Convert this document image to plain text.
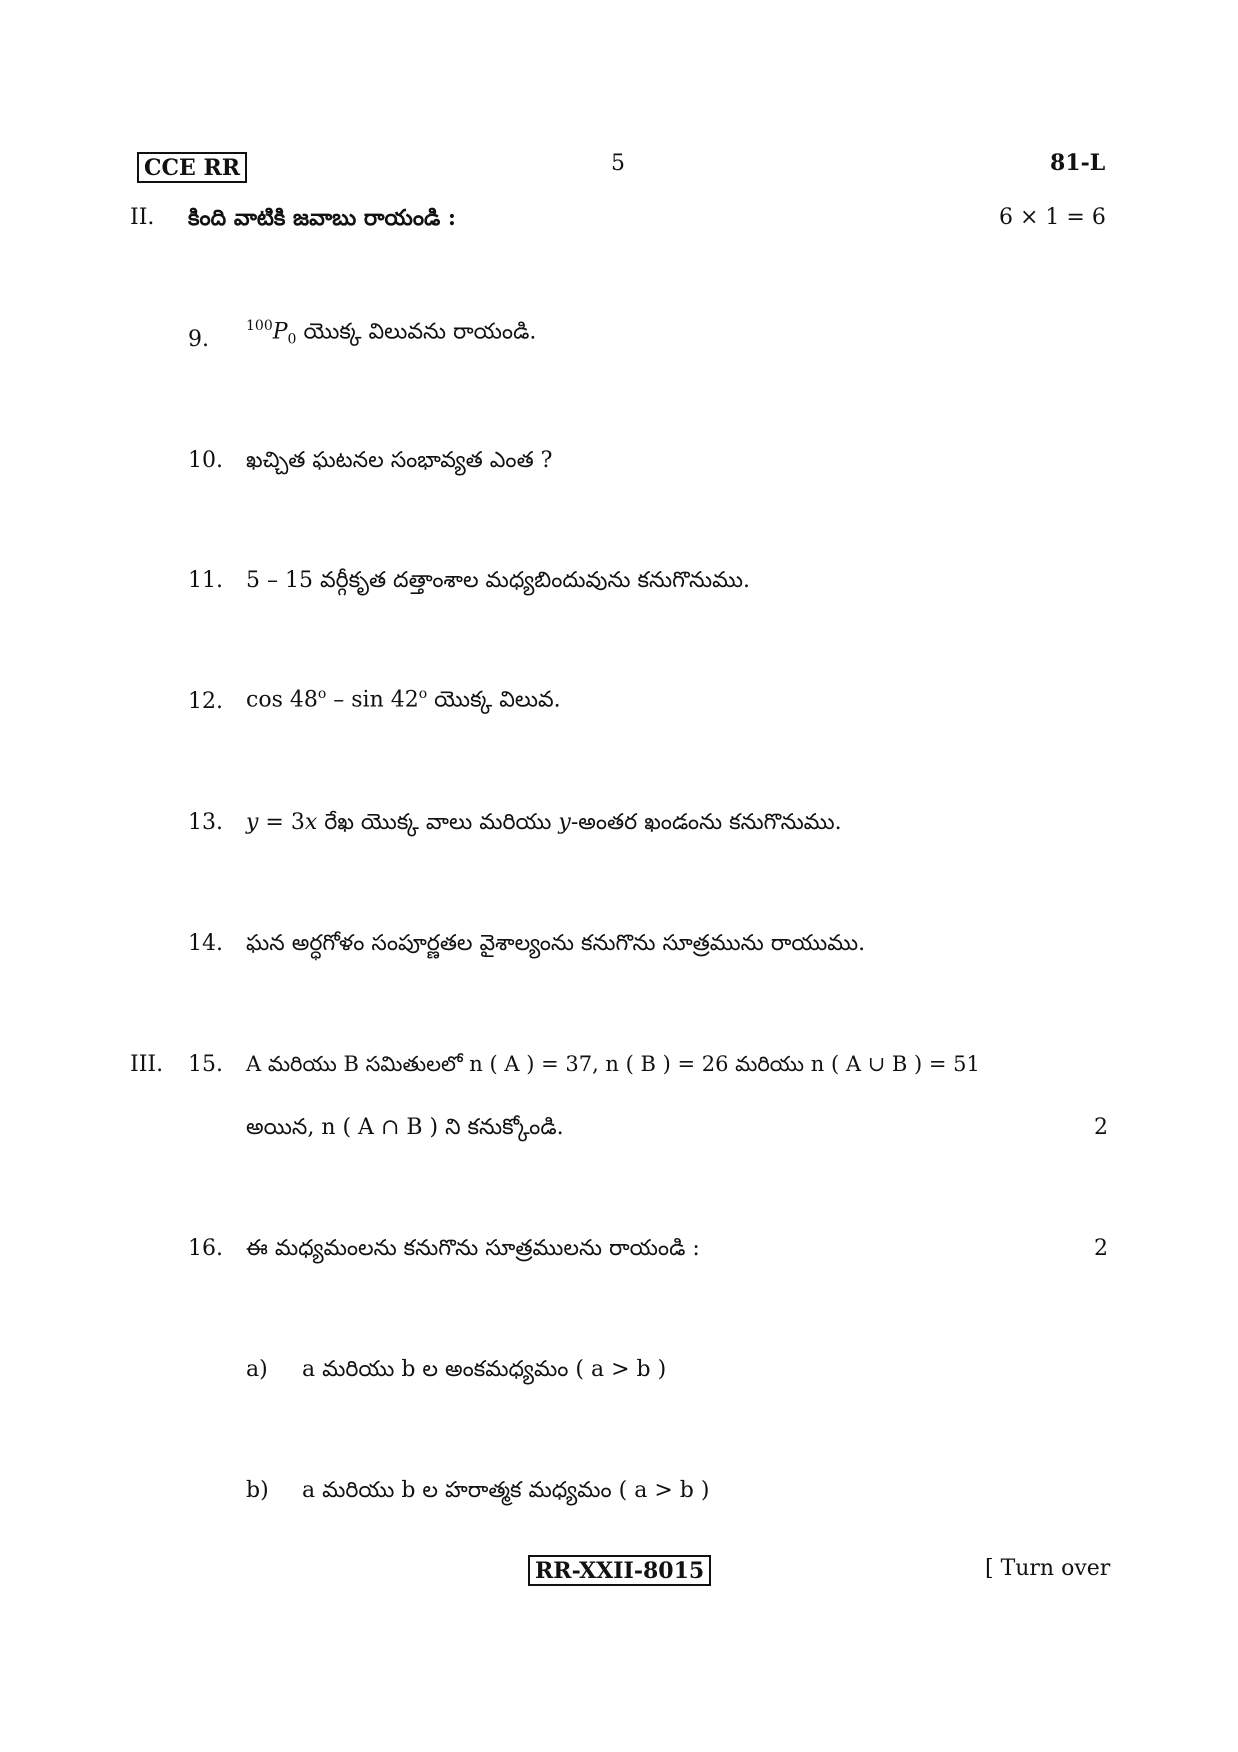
CCE RR	5	81-L
II. కింది వాటికి జవాబు రాయండి :	6 × 1 = 6
9.
$^{100}P_0$ యొక్క విలువను రాయండి.
10. ఖచ్చిత ఘటనల సంభావ్యత ఎంత ?
11. 5 – 15 వర్గీకృత దత్తాంశాల మధ్యబిందువును కనుగొనుము.
12. cos 48$^o$ – sin 42$^o$ యొక్క విలువ.
13. y = 3x రేఖ యొక్క వాలు మరియు y-అంతర ఖండంను కనుగొనుము.
14. ఘన అర్ధగోళం సంపూర్ణతల వైశాల్యంను కనుగొను సూత్రమును రాయుము.
III. 15. A మరియు B సమితులలో n ( A ) = 37, n ( B ) = 26 మరియు n ( A ∪ B ) = 51
అయిన, n ( A ∩ B ) ని కనుక్కోండి.	2
16. ఈ మధ్యమంలను కనుగొను సూత్రములను రాయండి :	2
a) a మరియు b ల అంకమధ్యమం ( a > b )
b) a మరియు b ల హరాత్మక మధ్యమం ( a > b )
RR-XXII-8015	[ Turn over
